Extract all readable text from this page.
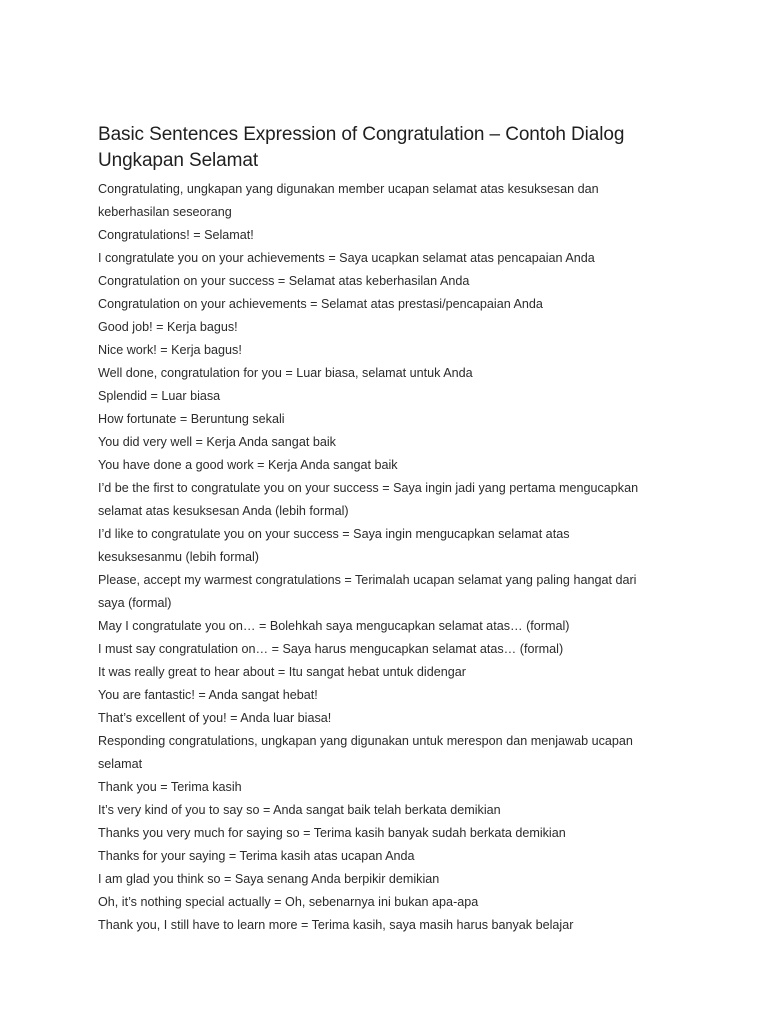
Basic Sentences Expression of Congratulation – Contoh Dialog
Ungkapan Selamat
Congratulating, ungkapan yang digunakan member ucapan selamat atas kesuksesan dan
keberhasilan seseorang
Congratulations! = Selamat!
I congratulate you on your achievements = Saya ucapkan selamat atas pencapaian Anda
Congratulation on your success = Selamat atas keberhasilan Anda
Congratulation on your achievements = Selamat atas prestasi/pencapaian Anda
Good job! = Kerja bagus!
Nice work! = Kerja bagus!
Well done, congratulation for you = Luar biasa, selamat untuk Anda
Splendid = Luar biasa
How fortunate = Beruntung sekali
You did very well = Kerja Anda sangat baik
You have done a good work = Kerja Anda sangat baik
I’d be the first to congratulate you on your success = Saya ingin jadi yang pertama mengucapkan
selamat atas kesuksesan Anda (lebih formal)
I’d like to congratulate you on your success = Saya ingin mengucapkan selamat atas
kesuksesanmu (lebih formal)
Please, accept my warmest congratulations = Terimalah ucapan selamat yang paling hangat dari
saya (formal)
May I congratulate you on… = Bolehkah saya mengucapkan selamat atas… (formal)
I must say congratulation on… = Saya harus mengucapkan selamat atas… (formal)
It was really great to hear about = Itu sangat hebat untuk didengar
You are fantastic! = Anda sangat hebat!
That’s excellent of you! = Anda luar biasa!
Responding congratulations, ungkapan yang digunakan untuk merespon dan menjawab ucapan
selamat
Thank you = Terima kasih
It’s very kind of you to say so = Anda sangat baik telah berkata demikian
Thanks you very much for saying so = Terima kasih banyak sudah berkata demikian
Thanks for your saying = Terima kasih atas ucapan Anda
I am glad you think so = Saya senang Anda berpikir demikian
Oh, it’s nothing special actually = Oh, sebenarnya ini bukan apa-apa
Thank you, I still have to learn more = Terima kasih, saya masih harus banyak belajar
